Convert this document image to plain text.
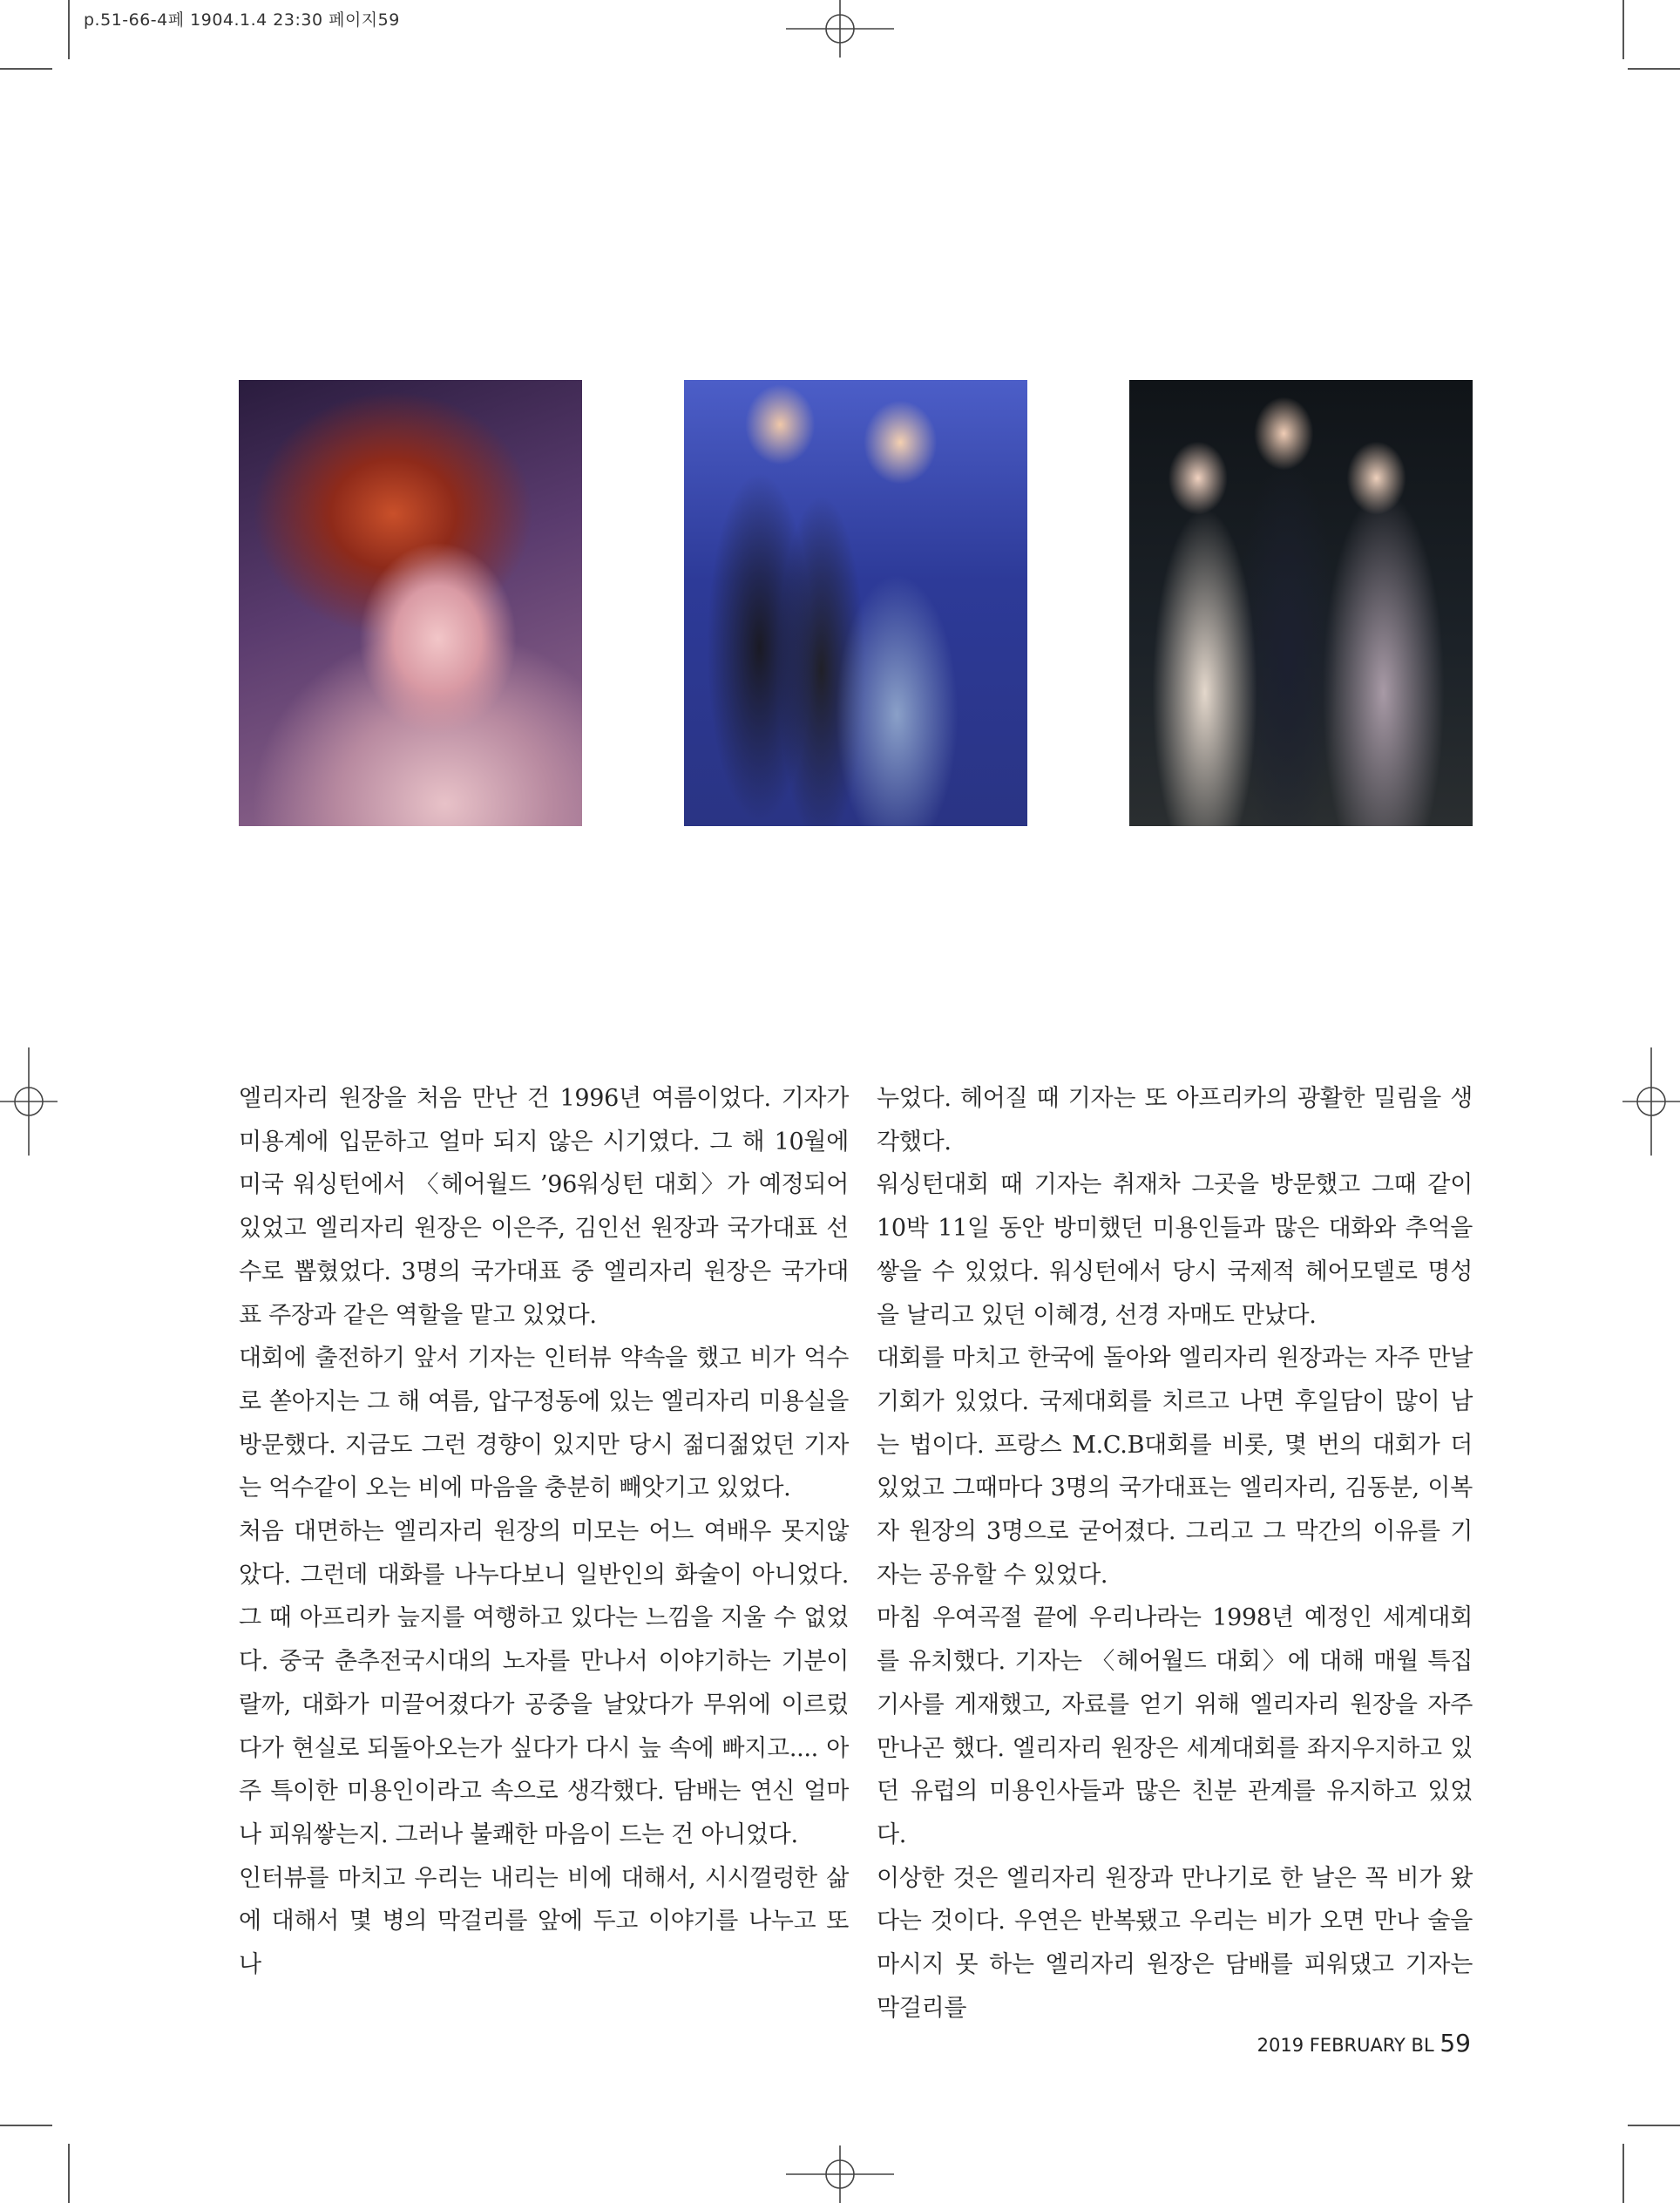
p.51-66-4페 1904.1.4 23:30 페이지59

엘리자리 원장을 처음 만난 건 1996년 여름이었다. 기자가 미용계에 입문하고 얼마 되지 않은 시기였다. 그 해 10월에 미국 워싱턴에서 〈헤어월드 ’96워싱턴 대회〉가 예정되어 있었고 엘리자리 원장은 이은주, 김인선 원장과 국가대표 선수로 뽑혔었다. 3명의 국가대표 중 엘리자리 원장은 국가대표 주장과 같은 역할을 맡고 있었다.

대회에 출전하기 앞서 기자는 인터뷰 약속을 했고 비가 억수로 쏟아지는 그 해 여름, 압구정동에 있는 엘리자리 미용실을 방문했다. 지금도 그런 경향이 있지만 당시 젊디젊었던 기자는 억수같이 오는 비에 마음을 충분히 빼앗기고 있었다.

처음 대면하는 엘리자리 원장의 미모는 어느 여배우 못지않았다. 그런데 대화를 나누다보니 일반인의 화술이 아니었다. 그 때 아프리카 늪지를 여행하고 있다는 느낌을 지울 수 없었다. 중국 춘추전국시대의 노자를 만나서 이야기하는 기분이랄까, 대화가 미끌어졌다가 공중을 날았다가 무위에 이르렀다가 현실로 되돌아오는가 싶다가 다시 늪 속에 빠지고.... 아주 특이한 미용인이라고 속으로 생각했다. 담배는 연신 얼마나 피워쌓는지. 그러나 불쾌한 마음이 드는 건 아니었다.

인터뷰를 마치고 우리는 내리는 비에 대해서, 시시껄렁한 삶에 대해서 몇 병의 막걸리를 앞에 두고 이야기를 나누고 또 나

누었다. 헤어질 때 기자는 또 아프리카의 광활한 밀림을 생각했다.

워싱턴대회 때 기자는 취재차 그곳을 방문했고 그때 같이 10박 11일 동안 방미했던 미용인들과 많은 대화와 추억을 쌓을 수 있었다. 워싱턴에서 당시 국제적 헤어모델로 명성을 날리고 있던 이혜경, 선경 자매도 만났다.

대회를 마치고 한국에 돌아와 엘리자리 원장과는 자주 만날 기회가 있었다. 국제대회를 치르고 나면 후일담이 많이 남는 법이다. 프랑스 M.C.B대회를 비롯, 몇 번의 대회가 더 있었고 그때마다 3명의 국가대표는 엘리자리, 김동분, 이복자 원장의 3명으로 굳어졌다. 그리고 그 막간의 이유를 기자는 공유할 수 있었다.

마침 우여곡절 끝에 우리나라는 1998년 예정인 세계대회를 유치했다. 기자는 〈헤어월드 대회〉에 대해 매월 특집 기사를 게재했고, 자료를 얻기 위해 엘리자리 원장을 자주 만나곤 했다. 엘리자리 원장은 세계대회를 좌지우지하고 있던 유럽의 미용인사들과 많은 친분 관계를 유지하고 있었다.

이상한 것은 엘리자리 원장과 만나기로 한 날은 꼭 비가 왔다는 것이다. 우연은 반복됐고 우리는 비가 오면 만나 술을 마시지 못 하는 엘리자리 원장은 담배를 피워댔고 기자는 막걸리를

2019 FEBRUARY BL 59
